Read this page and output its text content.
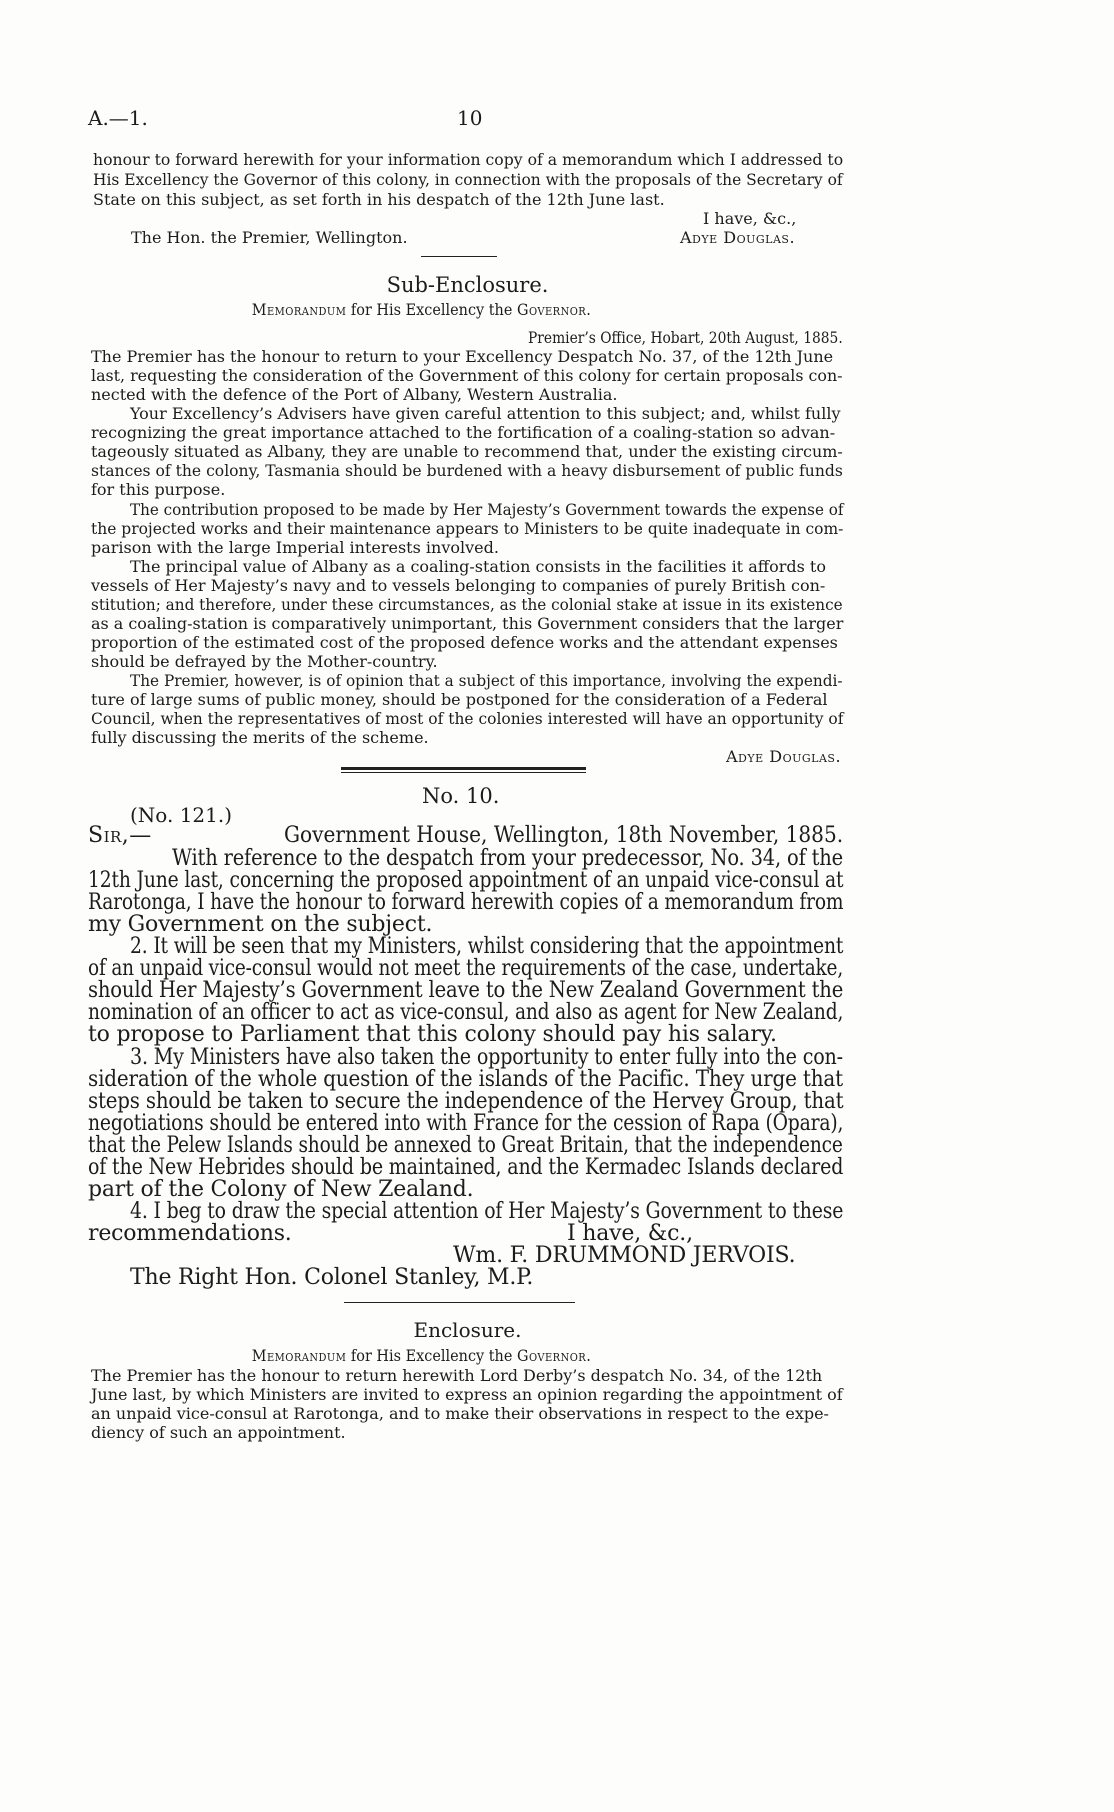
A.—1.	10
honour to forward herewith for your information copy of a memorandum which I addressed to
His Excellency the Governor of this colony, in connection with the proposals of the Secretary of
State on this subject, as set forth in his despatch of the 12th June last.
I have, &c.,
The Hon. the Premier, Wellington.	Adye Douglas.
Sub-Enclosure.
Memorandum for His Excellency the Governor.
Premier’s Office, Hobart, 20th August, 1885.
The Premier has the honour to return to your Excellency Despatch No. 37, of the 12th June
last, requesting the consideration of the Government of this colony for certain proposals con-
nected with the defence of the Port of Albany, Western Australia.
Your Excellency’s Advisers have given careful attention to this subject; and, whilst fully
recognizing the great importance attached to the fortification of a coaling-station so advan-
tageously situated as Albany, they are unable to recommend that, under the existing circum-
stances of the colony, Tasmania should be burdened with a heavy disbursement of public funds
for this purpose.
The contribution proposed to be made by Her Majesty’s Government towards the expense of
the projected works and their maintenance appears to Ministers to be quite inadequate in com-
parison with the large Imperial interests involved.
The principal value of Albany as a coaling-station consists in the facilities it affords to
vessels of Her Majesty’s navy and to vessels belonging to companies of purely British con-
stitution; and therefore, under these circumstances, as the colonial stake at issue in its existence
as a coaling-station is comparatively unimportant, this Government considers that the larger
proportion of the estimated cost of the proposed defence works and the attendant expenses
should be defrayed by the Mother-country.
The Premier, however, is of opinion that a subject of this importance, involving the expendi-
ture of large sums of public money, should be postponed for the consideration of a Federal
Council, when the representatives of most of the colonies interested will have an opportunity of
fully discussing the merits of the scheme.
Adye Douglas.
No. 10.
(No. 121.)
Sir,—	Government House, Wellington, 18th November, 1885.
With reference to the despatch from your predecessor, No. 34, of the
12th June last, concerning the proposed appointment of an unpaid vice-consul at
Rarotonga, I have the honour to forward herewith copies of a memorandum from
my Government on the subject.
2. It will be seen that my Ministers, whilst considering that the appointment
of an unpaid vice-consul would not meet the requirements of the case, undertake,
should Her Majesty’s Government leave to the New Zealand Government the
nomination of an officer to act as vice-consul, and also as agent for New Zealand,
to propose to Parliament that this colony should pay his salary.
3. My Ministers have also taken the opportunity to enter fully into the con-
sideration of the whole question of the islands of the Pacific. They urge that
steps should be taken to secure the independence of the Hervey Group, that
negotiations should be entered into with France for the cession of Rapa (Opara),
that the Pelew Islands should be annexed to Great Britain, that the independence
of the New Hebrides should be maintained, and the Kermadec Islands declared
part of the Colony of New Zealand.
4. I beg to draw the special attention of Her Majesty’s Government to these
recommendations.	I have, &c.,
Wm. F. DRUMMOND JERVOIS.
The Right Hon. Colonel Stanley, M.P.
Enclosure.
Memorandum for His Excellency the Governor.
The Premier has the honour to return herewith Lord Derby’s despatch No. 34, of the 12th
June last, by which Ministers are invited to express an opinion regarding the appointment of
an unpaid vice-consul at Rarotonga, and to make their observations in respect to the expe-
diency of such an appointment.
